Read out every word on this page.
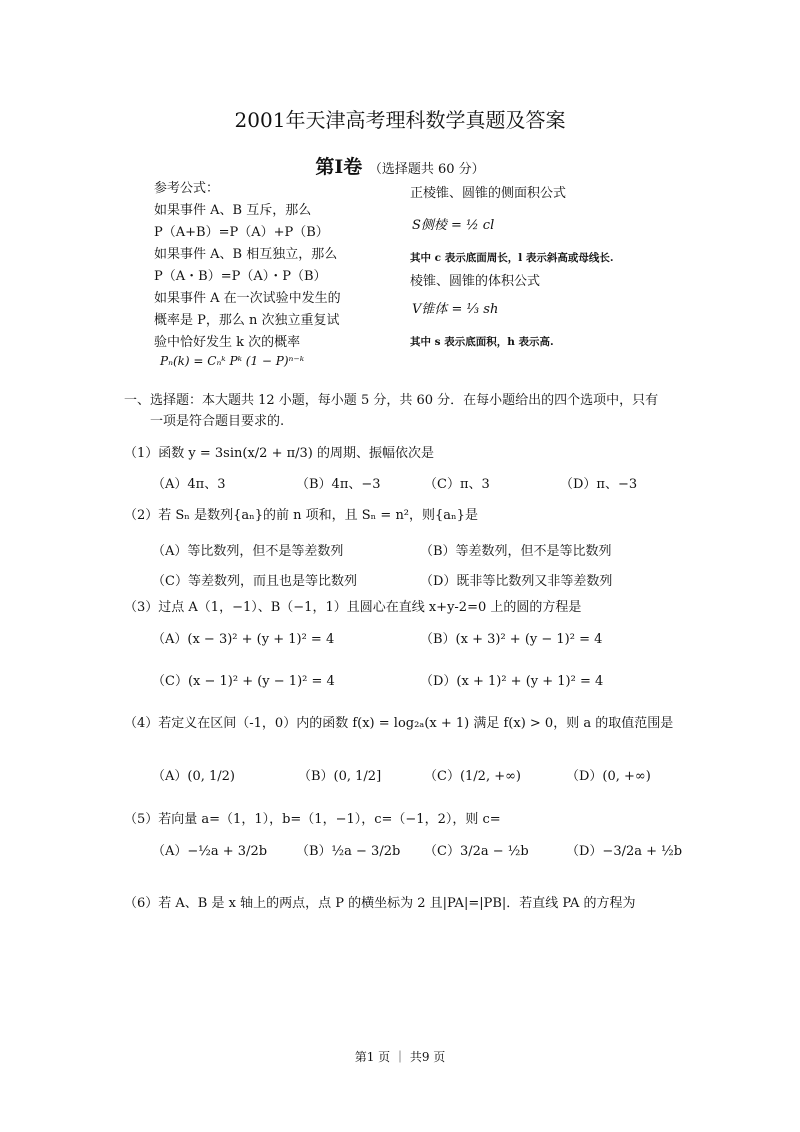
2001年天津高考理科数学真题及答案
第Ⅰ卷 （选择题共 60 分）
参考公式：
如果事件 A、B 互斥，那么
P（A+B）=P（A）+P（B）
如果事件 A、B 相互独立，那么
P（A・B）=P（A）・P（B）
如果事件 A 在一次试验中发生的
概率是 P，那么 n 次独立重复试
验中恰好发生 k 次的概率
Pₙ(k) = Cₙᵏ Pᵏ (1 − P)ⁿ⁻ᵏ
正棱锥、圆锥的侧面积公式
S侧棱 = ½ cl
其中 c 表示底面周长，l 表示斜高或母线长.
棱锥、圆锥的体积公式
V锥体 = ⅓ sh
其中 s 表示底面积，h 表示高.
一、选择题：本大题共 12 小题，每小题 5 分，共 60 分．在每小题给出的四个选项中，只有
一项是符合题目要求的.
（1）函数 y = 3sin(x/2 + π/3) 的周期、振幅依次是
（A）4π、3	（B）4π、−3	（C）π、3	（D）π、−3
（2）若 Sₙ 是数列{aₙ}的前 n 项和，且 Sₙ = n²，则{aₙ}是
（A）等比数列，但不是等差数列	（B）等差数列，但不是等比数列
（C）等差数列，而且也是等比数列	（D）既非等比数列又非等差数列
（3）过点 A（1，−1）、B（−1，1）且圆心在直线 x+y-2=0 上的圆的方程是
（A）(x − 3)² + (y + 1)² = 4	（B）(x + 3)² + (y − 1)² = 4
（C）(x − 1)² + (y − 1)² = 4	（D）(x + 1)² + (y + 1)² = 4
（4）若定义在区间（-1，0）内的函数 f(x) = log₂ₐ(x + 1) 满足 f(x) > 0，则 a 的取值范围是
（A）(0, 1/2)	（B）(0, 1/2]	（C）(1/2, +∞)	（D）(0, +∞)
（5）若向量 a=（1，1），b=（1，−1），c=（−1，2），则 c=
（A）−½a + 3/2b （B）½a − 3/2b （C）3/2a − ½b	（D）−3/2a + ½b
（6）若 A、B 是 x 轴上的两点，点 P 的横坐标为 2 且|PA|=|PB|．若直线 PA 的方程为
第1 页 ｜ 共9 页
